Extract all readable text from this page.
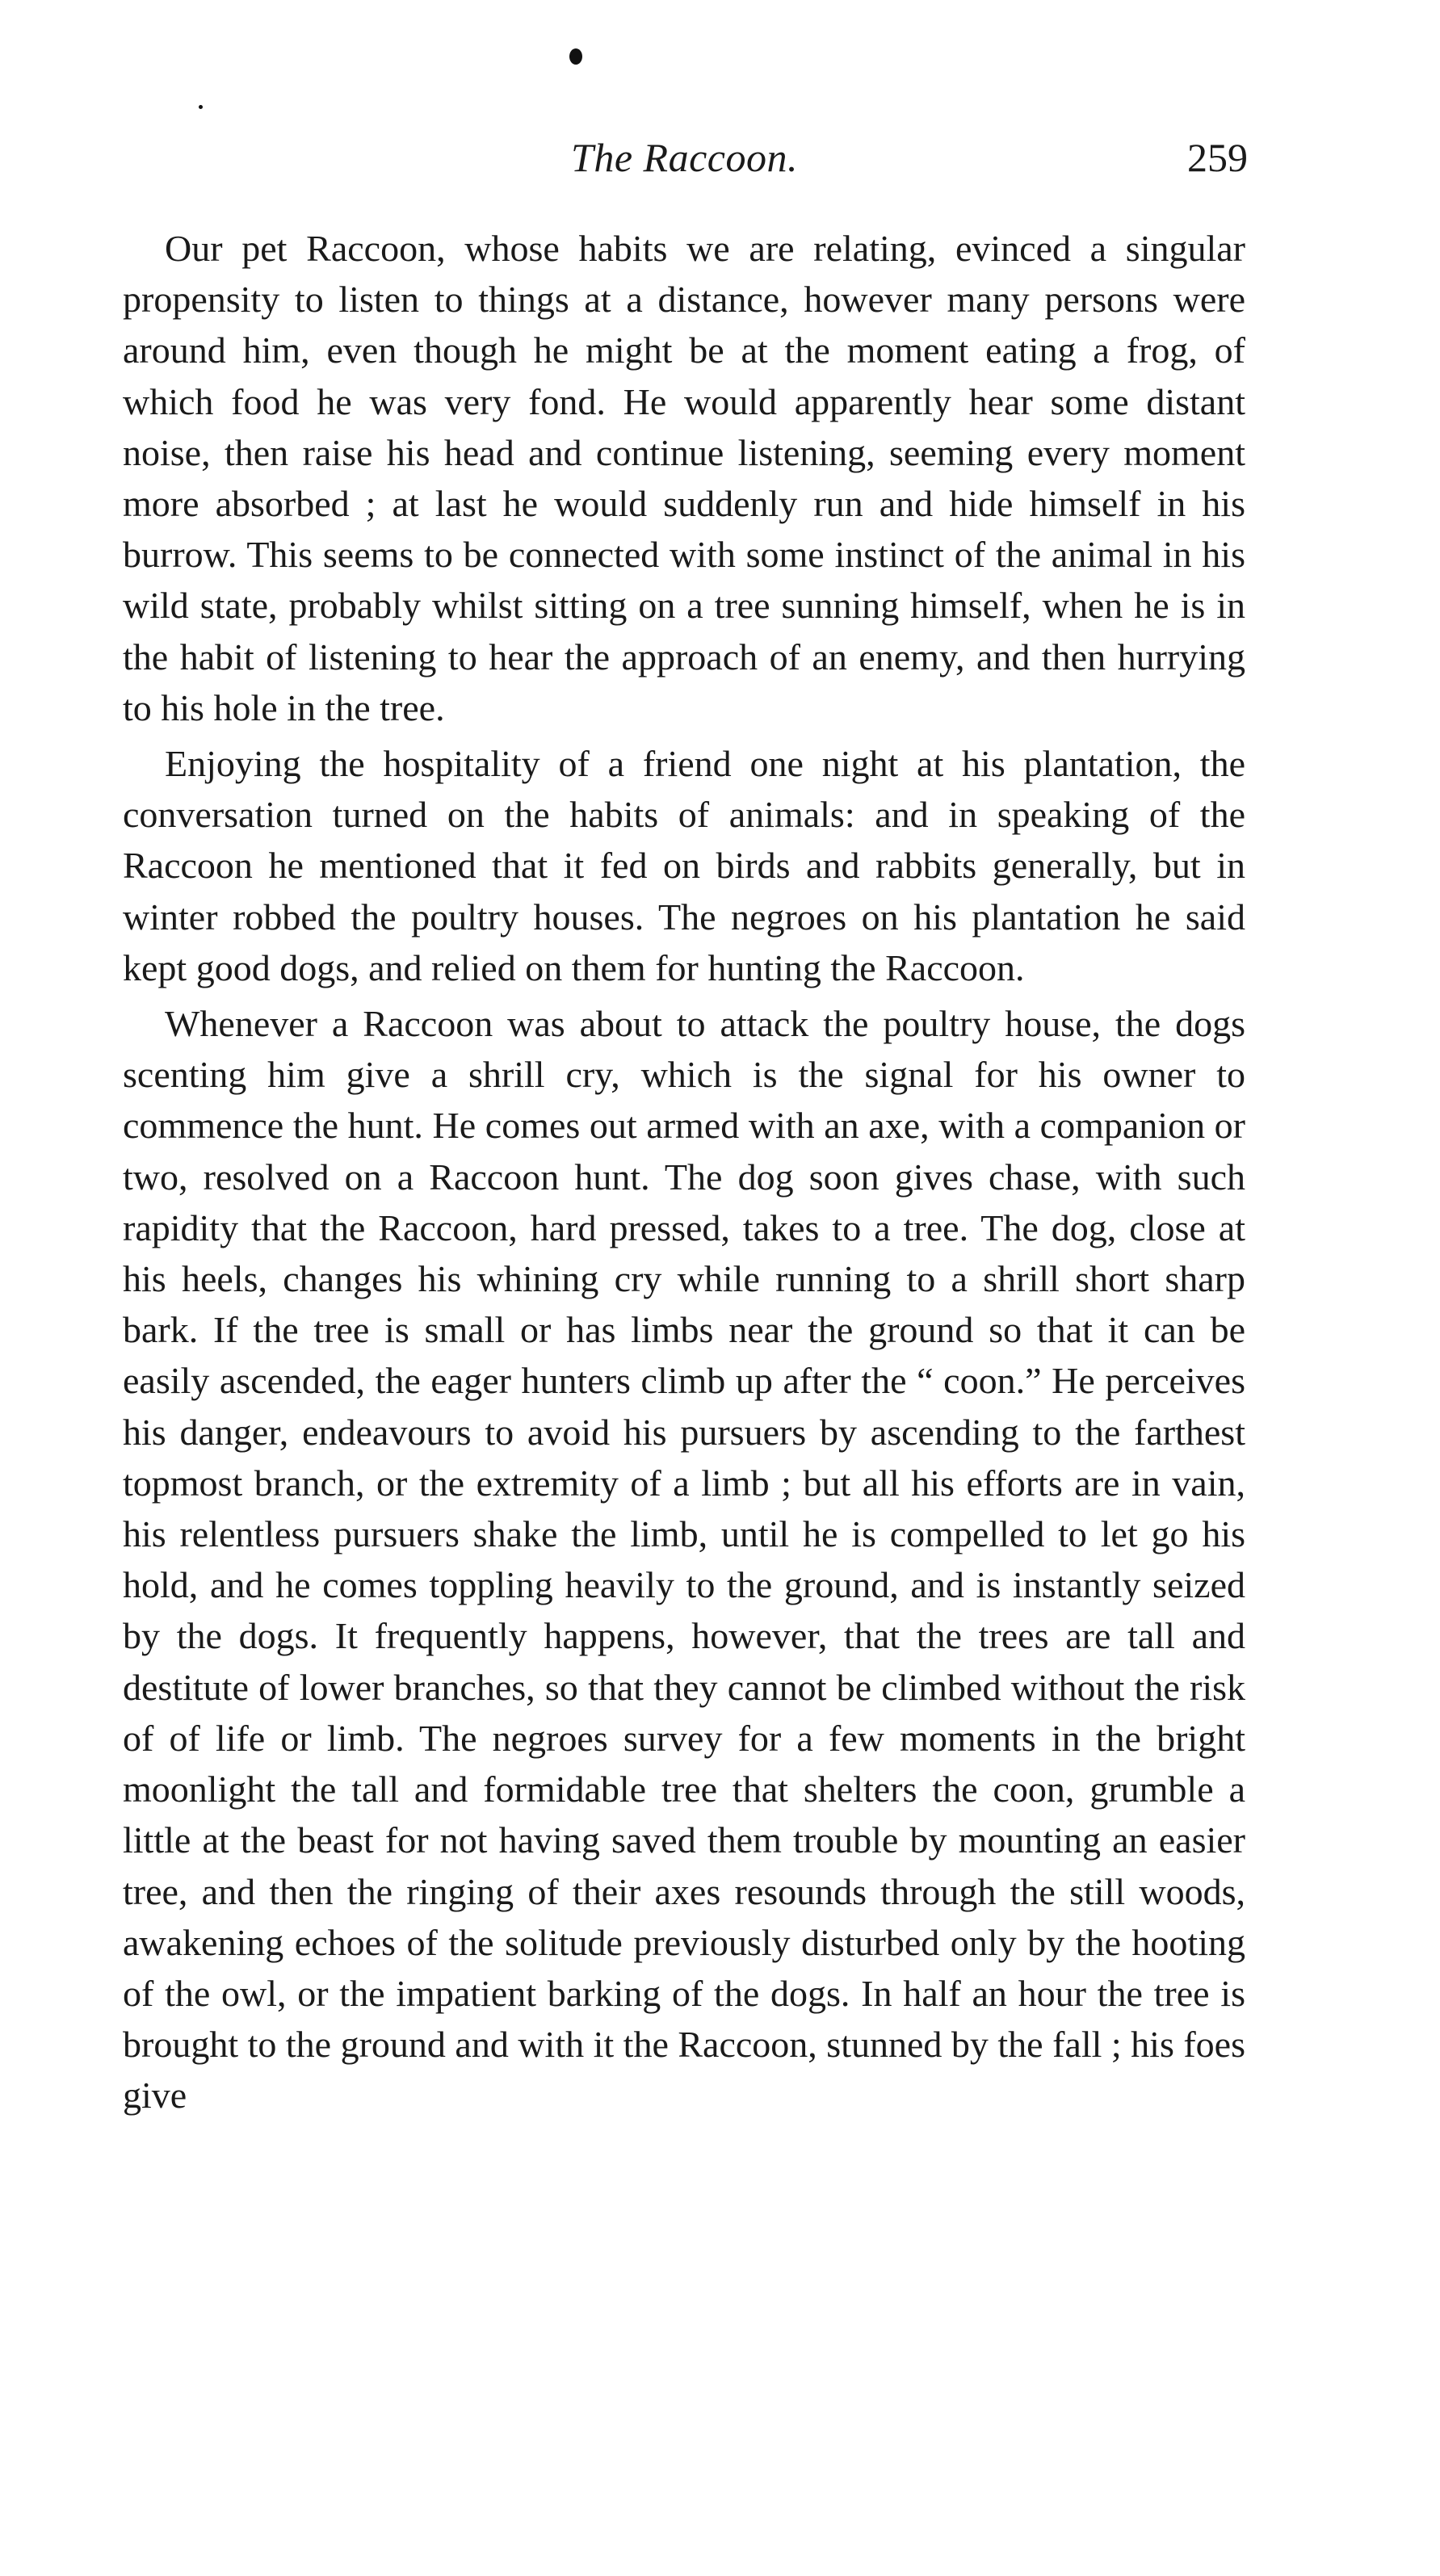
The Raccoon.	259

Our pet Raccoon, whose habits we are relating, evinced a singular propensity to listen to things at a distance, however many persons were around him, even though he might be at the moment eating a frog, of which food he was very fond. He would apparently hear some distant noise, then raise his head and continue listening, seeming every moment more absorbed ; at last he would suddenly run and hide himself in his burrow. This seems to be connected with some instinct of the animal in his wild state, probably whilst sitting on a tree sunning himself, when he is in the habit of listening to hear the approach of an enemy, and then hurrying to his hole in the tree.

Enjoying the hospitality of a friend one night at his plantation, the conversation turned on the habits of animals: and in speaking of the Raccoon he mentioned that it fed on birds and rabbits generally, but in winter robbed the poultry houses. The negroes on his plantation he said kept good dogs, and relied on them for hunting the Raccoon.

Whenever a Raccoon was about to attack the poultry house, the dogs scenting him give a shrill cry, which is the signal for his owner to commence the hunt. He comes out armed with an axe, with a companion or two, resolved on a Raccoon hunt. The dog soon gives chase, with such rapidity that the Raccoon, hard pressed, takes to a tree. The dog, close at his heels, changes his whining cry while running to a shrill short sharp bark. If the tree is small or has limbs near the ground so that it can be easily ascended, the eager hunters climb up after the “ coon.” He perceives his danger, endeavours to avoid his pursuers by ascending to the farthest topmost branch, or the extremity of a limb ; but all his efforts are in vain, his relentless pursuers shake the limb, until he is compelled to let go his hold, and he comes toppling heavily to the ground, and is instantly seized by the dogs. It frequently happens, however, that the trees are tall and destitute of lower branches, so that they cannot be climbed without the risk of of life or limb. The negroes survey for a few moments in the bright moonlight the tall and formidable tree that shelters the coon, grumble a little at the beast for not having saved them trouble by mounting an easier tree, and then the ringing of their axes resounds through the still woods, awakening echoes of the solitude previously disturbed only by the hooting of the owl, or the impatient barking of the dogs. In half an hour the tree is brought to the ground and with it the Raccoon, stunned by the fall ; his foes give
